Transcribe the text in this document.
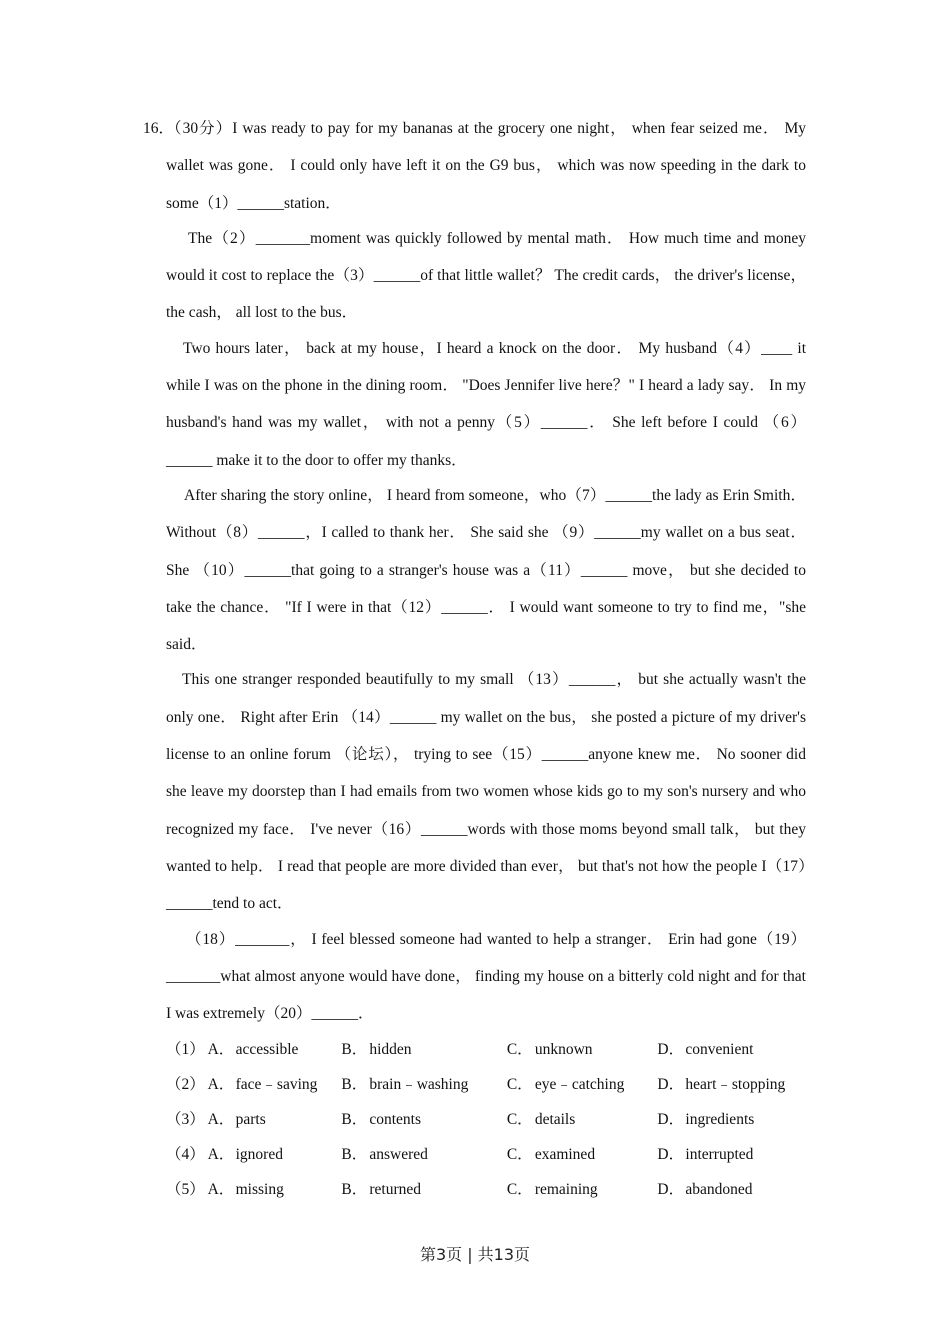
16．

（30分）I was ready to pay for my bananas at the grocery one night， when fear seized me． My wallet was gone． I could only have left it on the G9 bus， which was now speeding in the dark to some（1）______station．

The（2）_______moment was quickly followed by mental math． How much time and money would it cost to replace the（3）______of that little wallet？ The credit cards， the driver's license， the cash， all lost to the bus．

Two hours later， back at my house，I heard a knock on the door． My husband（4）____ it while I was on the phone in the dining room． "Does Jennifer live here？" I heard a lady say． In my husband's hand was my wallet， with not a penny（5）______． She left before I could （6）______ make it to the door to offer my thanks．

After sharing the story online， I heard from someone，who（7）______the lady as Erin Smith． Without（8）______，I called to thank her． She said she （9）______my wallet on a bus seat． She （10）______that going to a stranger's house was a（11）______ move， but she decided to take the chance． "If I were in that（12）______． I would want someone to try to find me，"she said．

This one stranger responded beautifully to my small （13）______， but she actually wasn't the only one． Right after Erin （14）______ my wallet on the bus， she posted a picture of my driver's license to an online forum （论坛）， trying to see（15）______anyone knew me． No sooner did she leave my doorstep than I had emails from two women whose kids go to my son's nursery and who recognized my face． I've never（16）______words with those moms beyond small talk， but they wanted to help． I read that people are more divided than ever， but that's not how the people I（17）______tend to act．

（18）_______， I feel blessed someone had wanted to help a stranger． Erin had gone（19）_______what almost anyone would have done， finding my house on a bitterly cold night and for that I was extremely（20）______．

（1） A． accessible	B． hidden	C． unknown	D． convenient
（2） A． face﹣saving B． brain﹣washing C． eye﹣catching D． heart﹣stopping
（3） A． parts	B． contents	C． details	D． ingredients
（4） A． ignored	B． answered	C． examined	D． interrupted
（5） A． missing	B． returned	C． remaining	D． abandoned
第3页 | 共13页
